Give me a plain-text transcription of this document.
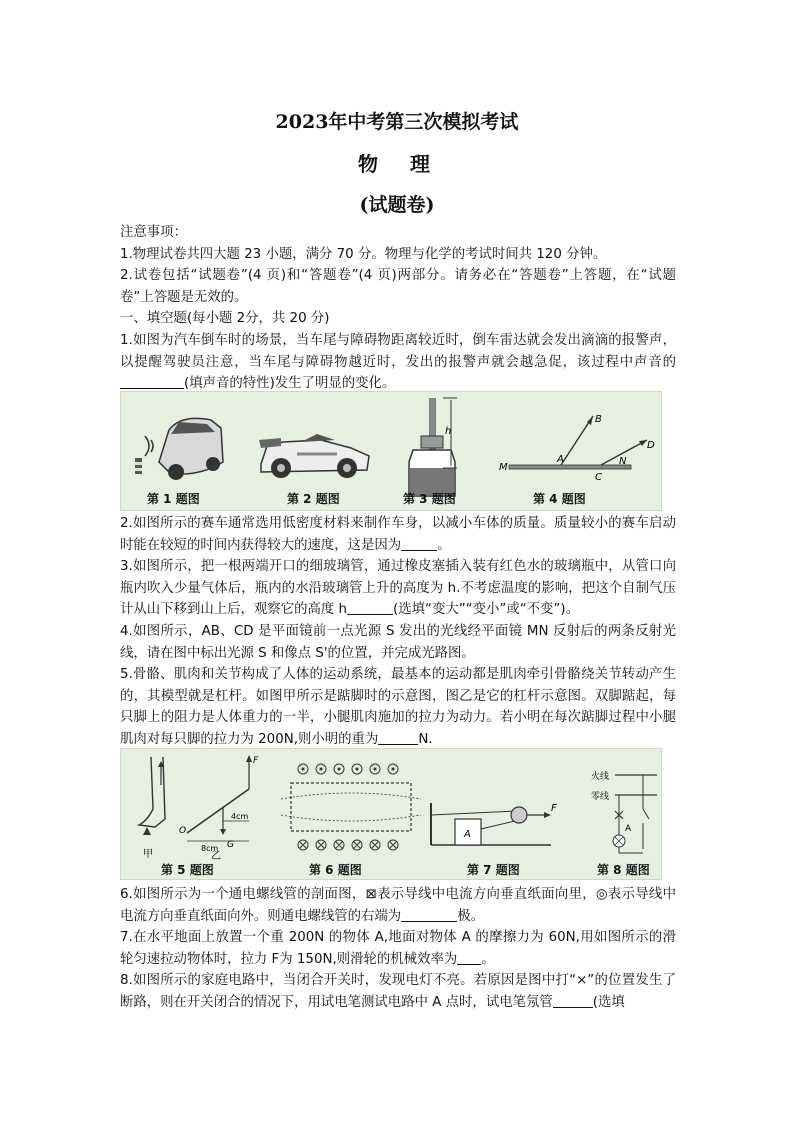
2023年中考第三次模拟考试
物　理
(试题卷)

注意事项：

1.物理试卷共四大题 23 小题，满分 70 分。物理与化学的考试时间共 120 分钟。

2.试卷包括“试题卷”(4 页)和“答题卷”(4 页)两部分。请务必在“答题卷”上答题，在“试题卷”上答题是无效的。

一、填空题(每小题 2分，共 20 分)

1.如图为汽车倒车时的场景，当车尾与障碍物距离较近时，倒车雷达就会发出滴滴的报警声，以提醒驾驶员注意，当车尾与障碍物越近时，发出的报警声就会越急促，该过程中声音的(填声音的特性)发生了明显的变化。

h
B
D
M
A
C
N
第 1 题图	第 2 题图	第 3 题图	第 4 题图

2.如图所示的赛车通常选用低密度材料来制作车身，以减小车体的质量。质量较小的赛车启动时能在较短的时间内获得较大的速度，这是因为	。

3.如图所示，把一根两端开口的细玻璃管，通过橡皮塞插入装有红色水的玻璃瓶中，从管口向瓶内吹入少量气体后，瓶内的水沿玻璃管上升的高度为 h.不考虑温度的影响，把这个自制气压计从山下移到山上后，观察它的高度 h	(选填“变大”“变小”或“不变”)。

4.如图所示，AB、CD 是平面镜前一点光源 S 发出的光线经平面镜 MN 反射后的两条反射光线，请在图中标出光源 S 和像点 S'的位置，并完成光路图。

5.骨骼、肌肉和关节构成了人体的运动系统，最基本的运动都是肌肉牵引骨骼绕关节转动产生的，其模型就是杠杆。如图甲所示是踮脚时的示意图，图乙是它的杠杆示意图。双脚踮起，每只脚上的阻力是人体重力的一半，小腿肌肉施加的拉力为动力。若小明在每次踮脚过程中小腿肌肉对每只脚的拉力为 200N,则小明的重为	N.

甲
F
O
G
8cm
4cm
乙
A
F
火线
零线
A
第 5 题图	第 6 题图	第 7 题图	第 8 题图

6.如图所示为一个通电螺线管的剖面图，⊠表示导线中电流方向垂直纸面向里，◎表示导线中电流方向垂直纸面向外。则通电螺线管的右端为	极。

7.在水平地面上放置一个重 200N 的物体 A,地面对物体 A 的摩擦力为 60N,用如图所示的滑轮匀速拉动物体时，拉力 F为 150N,则滑轮的机械效率为 。

8.如图所示的家庭电路中，当闭合开关时，发现电灯不亮。若原因是图中打“×”的位置发生了断路，则在开关闭合的情况下，用试电笔测试电路中 A 点时，试电笔氖管	(选填
